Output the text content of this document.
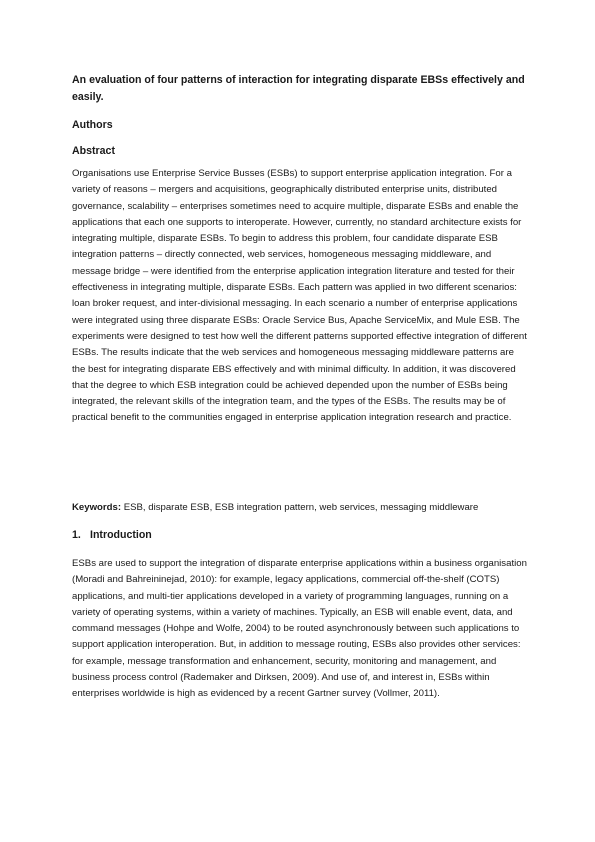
An evaluation of four patterns of interaction for integrating disparate EBSs effectively and easily.

Authors

Abstract

Organisations use Enterprise Service Busses (ESBs) to support enterprise application integration. For a variety of reasons – mergers and acquisitions, geographically distributed enterprise units, distributed governance, scalability – enterprises sometimes need to acquire multiple, disparate ESBs and enable the applications that each one supports to interoperate. However, currently, no standard architecture exists for integrating multiple, disparate ESBs. To begin to address this problem, four candidate disparate ESB integration patterns – directly connected, web services, homogeneous messaging middleware, and message bridge – were identified from the enterprise application integration literature and tested for their effectiveness in integrating multiple, disparate ESBs. Each pattern was applied in two different scenarios: loan broker request, and inter-divisional messaging. In each scenario a number of enterprise applications were integrated using three disparate ESBs: Oracle Service Bus, Apache ServiceMix, and Mule ESB. The experiments were designed to test how well the different patterns supported effective integration of different ESBs. The results indicate that the web services and homogeneous messaging middleware patterns are the best for integrating disparate EBS effectively and with minimal difficulty. In addition, it was discovered that the degree to which ESB integration could be achieved depended upon the number of ESBs being integrated, the relevant skills of the integration team, and the types of the ESBs. The results may be of practical benefit to the communities engaged in enterprise application integration research and practice.

Keywords: ESB, disparate ESB, ESB integration pattern, web services, messaging middleware

1. Introduction

ESBs are used to support the integration of disparate enterprise applications within a business organisation (Moradi and Bahreininejad, 2010): for example, legacy applications, commercial off-the-shelf (COTS) applications, and multi-tier applications developed in a variety of programming languages, running on a variety of operating systems, within a variety of machines. Typically, an ESB will enable event, data, and command messages (Hohpe and Wolfe, 2004) to be routed asynchronously between such applications to support application interoperation. But, in addition to message routing, ESBs also provides other services: for example, message transformation and enhancement, security, monitoring and management, and business process control (Rademaker and Dirksen, 2009). And use of, and interest in, ESBs within enterprises worldwide is high as evidenced by a recent Gartner survey (Vollmer, 2011).
